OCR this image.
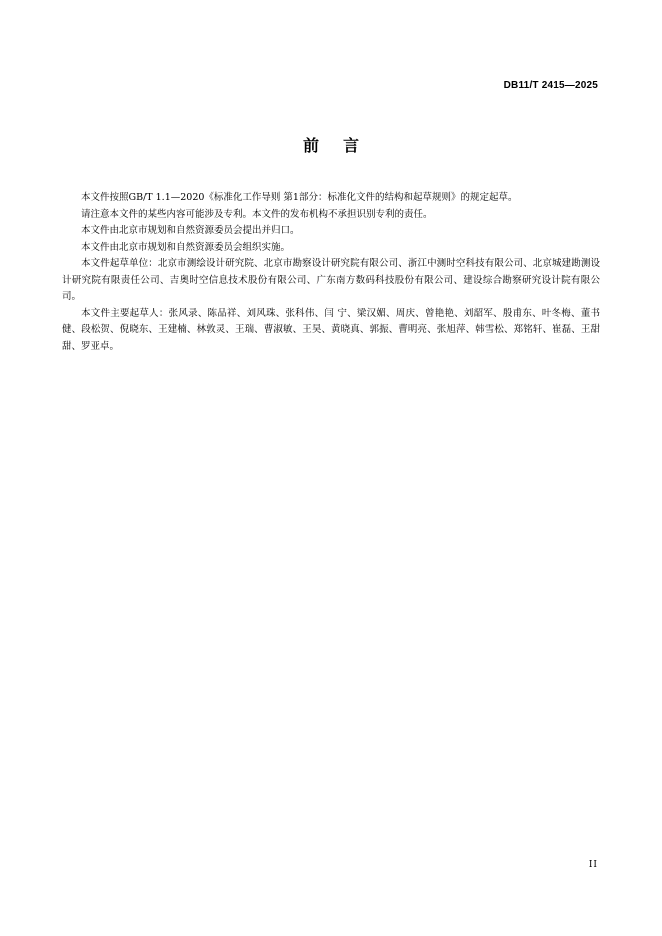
DB11/T 2415—2025
前言

本文件按照GB/T 1.1—2020《标准化工作导则 第1部分：标准化文件的结构和起草规则》的规定起草。

请注意本文件的某些内容可能涉及专利。本文件的发布机构不承担识别专利的责任。

本文件由北京市规划和自然资源委员会提出并归口。

本文件由北京市规划和自然资源委员会组织实施。

本文件起草单位：北京市测绘设计研究院、北京市勘察设计研究院有限公司、浙江中测时空科技有限公司、北京城建勘测设计研究院有限责任公司、吉奥时空信息技术股份有限公司、广东南方数码科技股份有限公司、建设综合勘察研究设计院有限公司。

本文件主要起草人：张风录、陈品祥、刘风珠、张科伟、闫 宁、梁汉媚、周庆、曾艳艳、刘韶军、殷甫东、叶冬梅、董书健、段松贺、倪晓东、王建楠、林敦灵、王瑞、曹淑敏、王昊、黄晓真、郭振、曹明亮、张旭萍、韩雪松、郑铭轩、崔磊、王甜甜、罗亚卓。

II
